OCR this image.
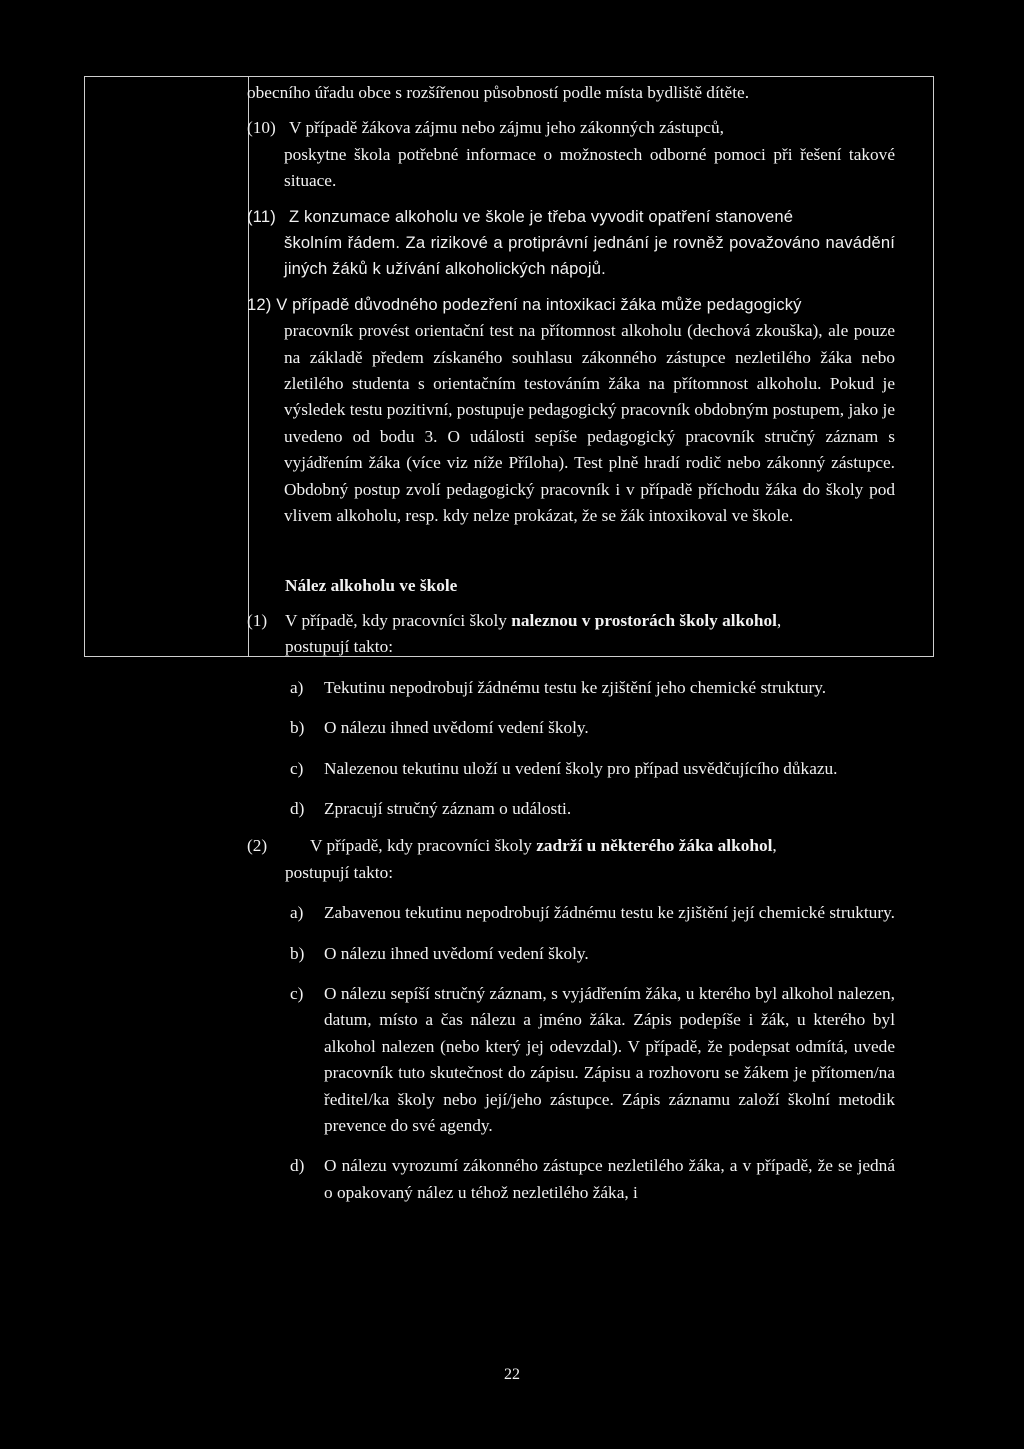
obecního úřadu obce s rozšířenou působností podle místa bydliště dítěte.

(10) V případě žákova zájmu nebo zájmu jeho zákonných zástupců,

poskytne škola potřebné informace o možnostech odborné pomoci při řešení takové situace.

(11) Z konzumace alkoholu ve škole je třeba vyvodit opatření stanovené

školním řádem. Za rizikové a protiprávní jednání je rovněž považováno navádění jiných žáků k užívání alkoholických nápojů.

12) V případě důvodného podezření na intoxikaci žáka může pedagogický

pracovník provést orientační test na přítomnost alkoholu (dechová zkouška), ale pouze na základě předem získaného souhlasu zákonného zástupce nezletilého žáka nebo zletilého studenta s orientačním testováním žáka na přítomnost alkoholu. Pokud je výsledek testu pozitivní, postupuje pedagogický pracovník obdobným postupem, jako je uvedeno od bodu 3. O události sepíše pedagogický pracovník stručný záznam s vyjádřením žáka (více viz níže Příloha). Test plně hradí rodič nebo zákonný zástupce. Obdobný postup zvolí pedagogický pracovník i v případě příchodu žáka do školy pod vlivem alkoholu, resp. kdy nelze prokázat, že se žák intoxikoval ve škole.

Nález alkoholu ve škole

(1) V případě, kdy pracovníci školy naleznou v prostorách školy alkohol,

postupují takto:

a) Tekutinu nepodrobují žádnému testu ke zjištění jeho chemické struktury.

b) O nálezu ihned uvědomí vedení školy.

c) Nalezenou tekutinu uloží u vedení školy pro případ usvědčujícího důkazu.

d) Zpracují stručný záznam o události.

(2) V případě, kdy pracovníci školy zadrží u některého žáka alkohol,

postupují takto:

a) Zabavenou tekutinu nepodrobují žádnému testu ke zjištění její chemické struktury.

b) O nálezu ihned uvědomí vedení školy.

c) O nálezu sepíší stručný záznam, s vyjádřením žáka, u kterého byl alkohol nalezen, datum, místo a čas nálezu a jméno žáka. Zápis podepíše i žák, u kterého byl alkohol nalezen (nebo který jej odevzdal). V případě, že podepsat odmítá, uvede pracovník tuto skutečnost do zápisu. Zápisu a rozhovoru se žákem je přítomen/na ředitel/ka školy nebo její/jeho zástupce. Zápis záznamu založí školní metodik prevence do své agendy.

d) O nálezu vyrozumí zákonného zástupce nezletilého žáka, a v případě, že se jedná o opakovaný nález u téhož nezletilého žáka, i

22
